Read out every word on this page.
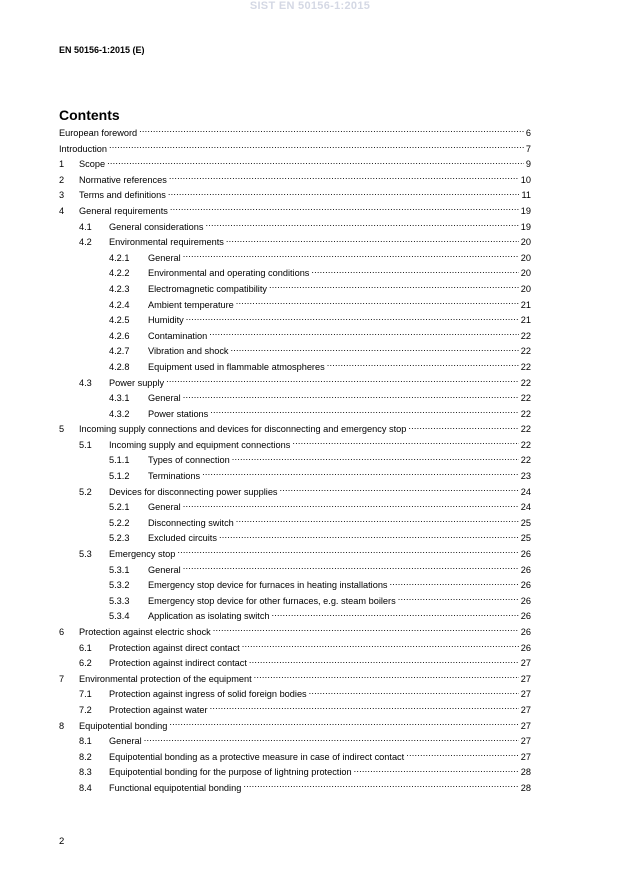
SIST EN 50156-1:2015
EN 50156-1:2015 (E)
Contents
European foreword .....	6
Introduction .....	7
1	Scope .....	9
2	Normative references .....	10
3	Terms and definitions .....	11
4	General requirements .....	19
4.1	General considerations .....	19
4.2	Environmental requirements .....	20
4.2.1	General .....	20
4.2.2	Environmental and operating conditions .....	20
4.2.3	Electromagnetic compatibility .....	20
4.2.4	Ambient temperature .....	21
4.2.5	Humidity .....	21
4.2.6	Contamination .....	22
4.2.7	Vibration and shock .....	22
4.2.8	Equipment used in flammable atmospheres .....	22
4.3	Power supply .....	22
4.3.1	General .....	22
4.3.2	Power stations .....	22
5	Incoming supply connections and devices for disconnecting and emergency stop .....	22
5.1	Incoming supply and equipment connections .....	22
5.1.1	Types of connection .....	22
5.1.2	Terminations .....	23
5.2	Devices for disconnecting power supplies .....	24
5.2.1	General .....	24
5.2.2	Disconnecting switch .....	25
5.2.3	Excluded circuits .....	25
5.3	Emergency stop .....	26
5.3.1	General .....	26
5.3.2	Emergency stop device for furnaces in heating installations .....	26
5.3.3	Emergency stop device for other furnaces, e.g. steam boilers .....	26
5.3.4	Application as isolating switch .....	26
6	Protection against electric shock .....	26
6.1	Protection against direct contact .....	26
6.2	Protection against indirect contact .....	27
7	Environmental protection of the equipment .....	27
7.1	Protection against ingress of solid foreign bodies .....	27
7.2	Protection against water .....	27
8	Equipotential bonding .....	27
8.1	General .....	27
8.2	Equipotential bonding as a protective measure in case of indirect contact .....	27
8.3	Equipotential bonding for the purpose of lightning protection .....	28
8.4	Functional equipotential bonding .....	28
2
